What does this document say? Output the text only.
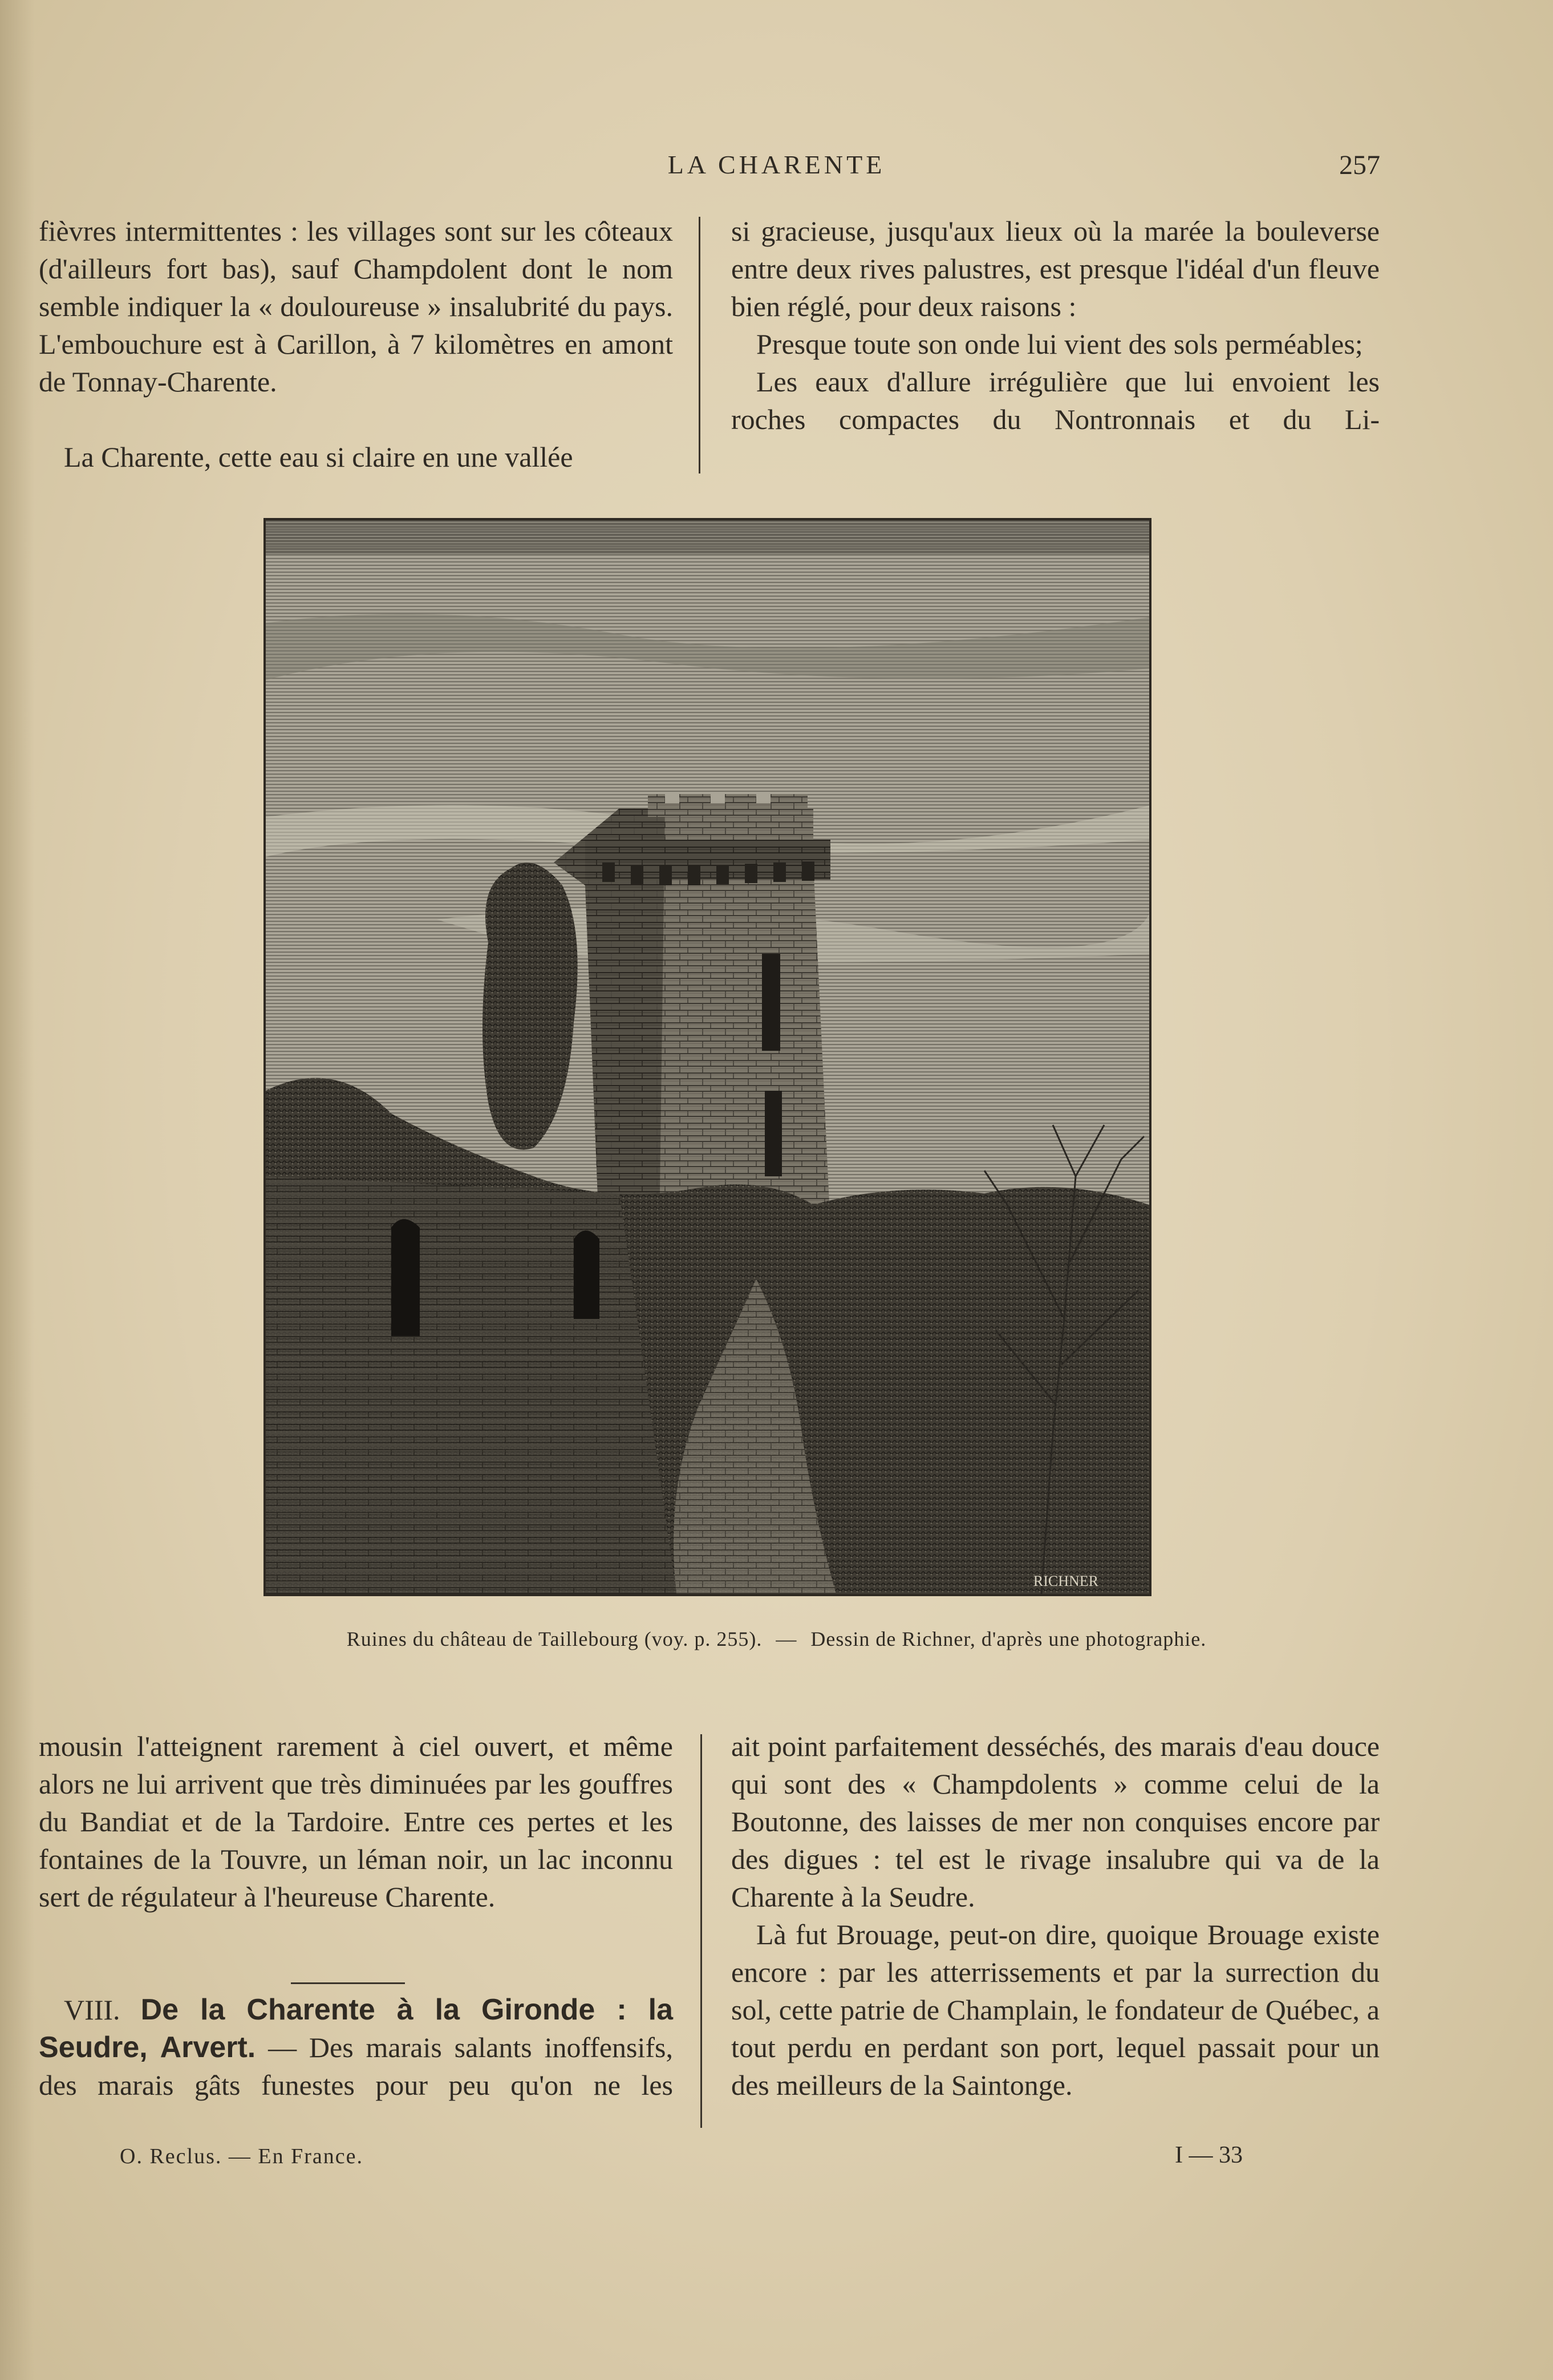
LA CHARENTE	257

fièvres intermittentes : les villages sont sur les côteaux (d'ailleurs fort bas), sauf Champdolent dont le nom semble indiquer la « douloureuse » insalubrité du pays. L'embouchure est à Carillon, à 7 kilomètres en amont de Tonnay-Charente.

La Charente, cette eau si claire en une vallée

si gracieuse, jusqu'aux lieux où la marée la bouleverse entre deux rives palustres, est presque l'idéal d'un fleuve bien réglé, pour deux raisons :

Presque toute son onde lui vient des sols perméables;

Les eaux d'allure irrégulière que lui envoient les roches compactes du Nontronnais et du Li-

RICHNER
Ruines du château de Taillebourg (voy. p. 255). — Dessin de Richner, d'après une photographie.

mousin l'atteignent rarement à ciel ouvert, et même alors ne lui arrivent que très diminuées par les gouffres du Bandiat et de la Tardoire. Entre ces pertes et les fontaines de la Touvre, un léman noir, un lac inconnu sert de régulateur à l'heureuse Charente.

VIII. De la Charente à la Gironde : la Seudre, Arvert. — Des marais salants inoffensifs, des marais gâts funestes pour peu qu'on ne les

ait point parfaitement desséchés, des marais d'eau douce qui sont des « Champdolents » comme celui de la Boutonne, des laisses de mer non conquises encore par des digues : tel est le rivage insalubre qui va de la Charente à la Seudre.

Là fut Brouage, peut-on dire, quoique Brouage existe encore : par les atterrissements et par la surrection du sol, cette patrie de Champlain, le fondateur de Québec, a tout perdu en perdant son port, lequel passait pour un des meilleurs de la Saintonge.

O. Reclus. — En France.	I — 33
